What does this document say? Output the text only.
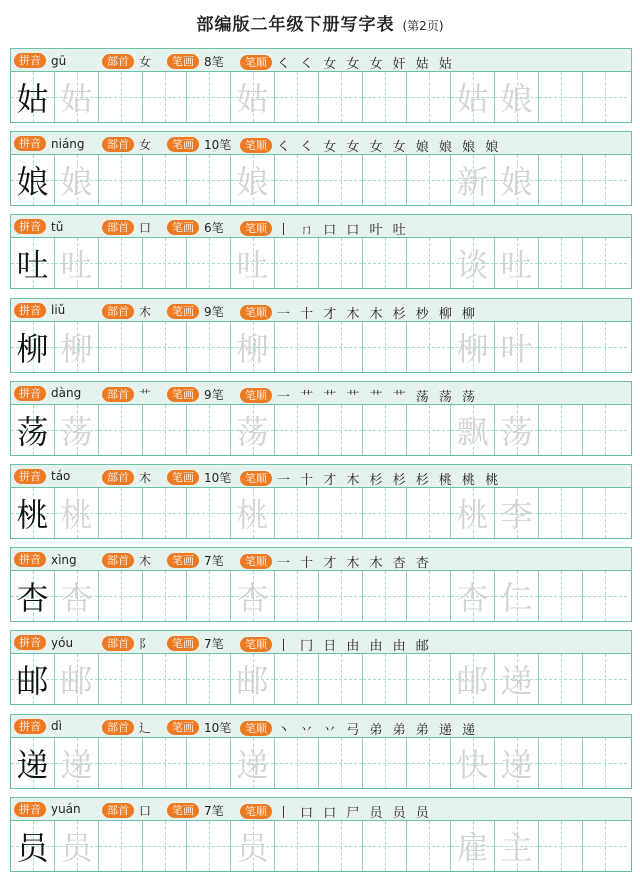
部编版二年级下册写字表 (第2页)
拼音 gū	部首 女	笔画 8笔	笔顺 ㇛ ㇛ 女 女 女 奸 姑 姑
姑 姑	姑	姑 娘
拼音 niáng	部首 女	笔画 10笔	笔顺 ㇛ ㇛ 女 女 女 女 娘 娘 娘 娘
娘 娘	娘	新 娘
拼音 tǔ	部首 口	笔画 6笔	笔顺 丨 ㄇ 口 口 叶 吐
吐 吐	吐	谈 吐
拼音 liǔ	部首 木	笔画 9笔	笔顺 一 十 才 木 木 杉 杪 柳 柳
柳 柳	柳	柳 叶
拼音 dàng	部首 艹	笔画 9笔	笔顺 一 艹 艹 艹 艹 艹 荡 荡 荡
荡 荡	荡	飘 荡
拼音 táo	部首 木	笔画 10笔	笔顺 一 十 才 木 杉 杉 杉 桃 桃 桃
桃 桃	桃	桃 李
拼音 xìng	部首 木	笔画 7笔	笔顺 一 十 才 木 木 杏 杏
杏 杏	杏	杏 仁
拼音 yóu	部首 阝	笔画 7笔	笔顺 丨 冂 日 由 由 由 邮
邮 邮	邮	邮 递
拼音 dì	部首 辶	笔画 10笔	笔顺 丶 丷 丷 弓 弟 弟 弟 递 递
递 递	递	快 递
拼音 yuán	部首 口	笔画 7笔	笔顺 丨 口 口 尸 员 员 员
员 员	员	雇 主
